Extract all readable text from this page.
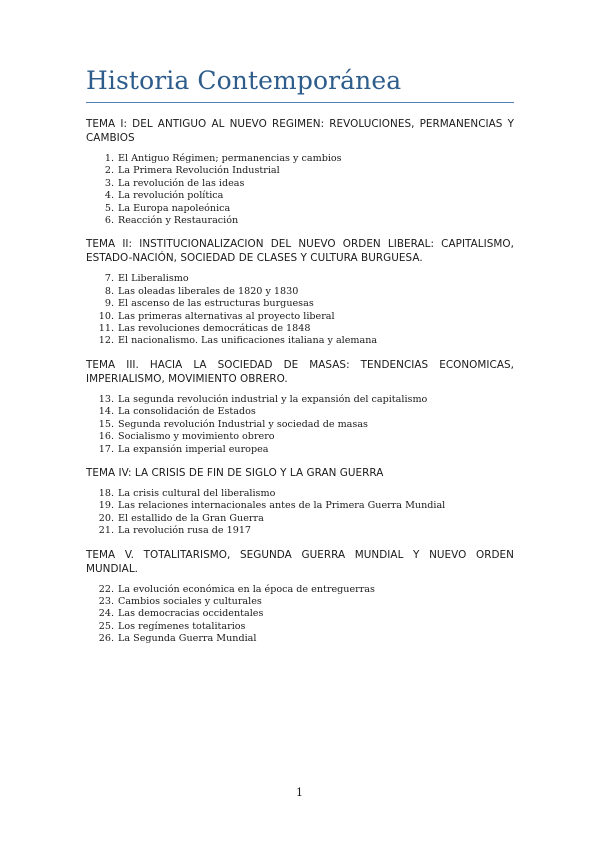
Historia Contemporánea
TEMA I: DEL ANTIGUO AL NUEVO REGIMEN: REVOLUCIONES, PERMANENCIAS Y CAMBIOS
1. El Antiguo Régimen; permanencias y cambios
2. La Primera Revolución Industrial
3. La revolución de las ideas
4. La revolución política
5. La Europa napoleónica
6. Reacción y Restauración
TEMA II: INSTITUCIONALIZACION DEL NUEVO ORDEN LIBERAL: CAPITALISMO, ESTADO-NACIÓN, SOCIEDAD DE CLASES Y CULTURA BURGUESA.
7. El Liberalismo
8. Las oleadas liberales de 1820 y 1830
9. El ascenso de las estructuras burguesas
10. Las primeras alternativas al proyecto liberal
11. Las revoluciones democráticas de 1848
12. El nacionalismo. Las unificaciones italiana y alemana
TEMA III. HACIA LA SOCIEDAD DE MASAS: TENDENCIAS ECONOMICAS, IMPERIALISMO, MOVIMIENTO OBRERO.
13. La segunda revolución industrial y la expansión del capitalismo
14. La consolidación de Estados
15. Segunda revolución Industrial y sociedad de masas
16. Socialismo y movimiento obrero
17. La expansión imperial europea
TEMA IV: LA CRISIS DE FIN DE SIGLO Y LA GRAN GUERRA
18. La crisis cultural del liberalismo
19. Las relaciones internacionales antes de la Primera Guerra Mundial
20. El estallido de la Gran Guerra
21. La revolución rusa de 1917
TEMA V. TOTALITARISMO, SEGUNDA GUERRA MUNDIAL Y NUEVO ORDEN MUNDIAL.
22. La evolución económica en la época de entreguerras
23. Cambios sociales y culturales
24. Las democracias occidentales
25. Los regímenes totalitarios
26. La Segunda Guerra Mundial
1
